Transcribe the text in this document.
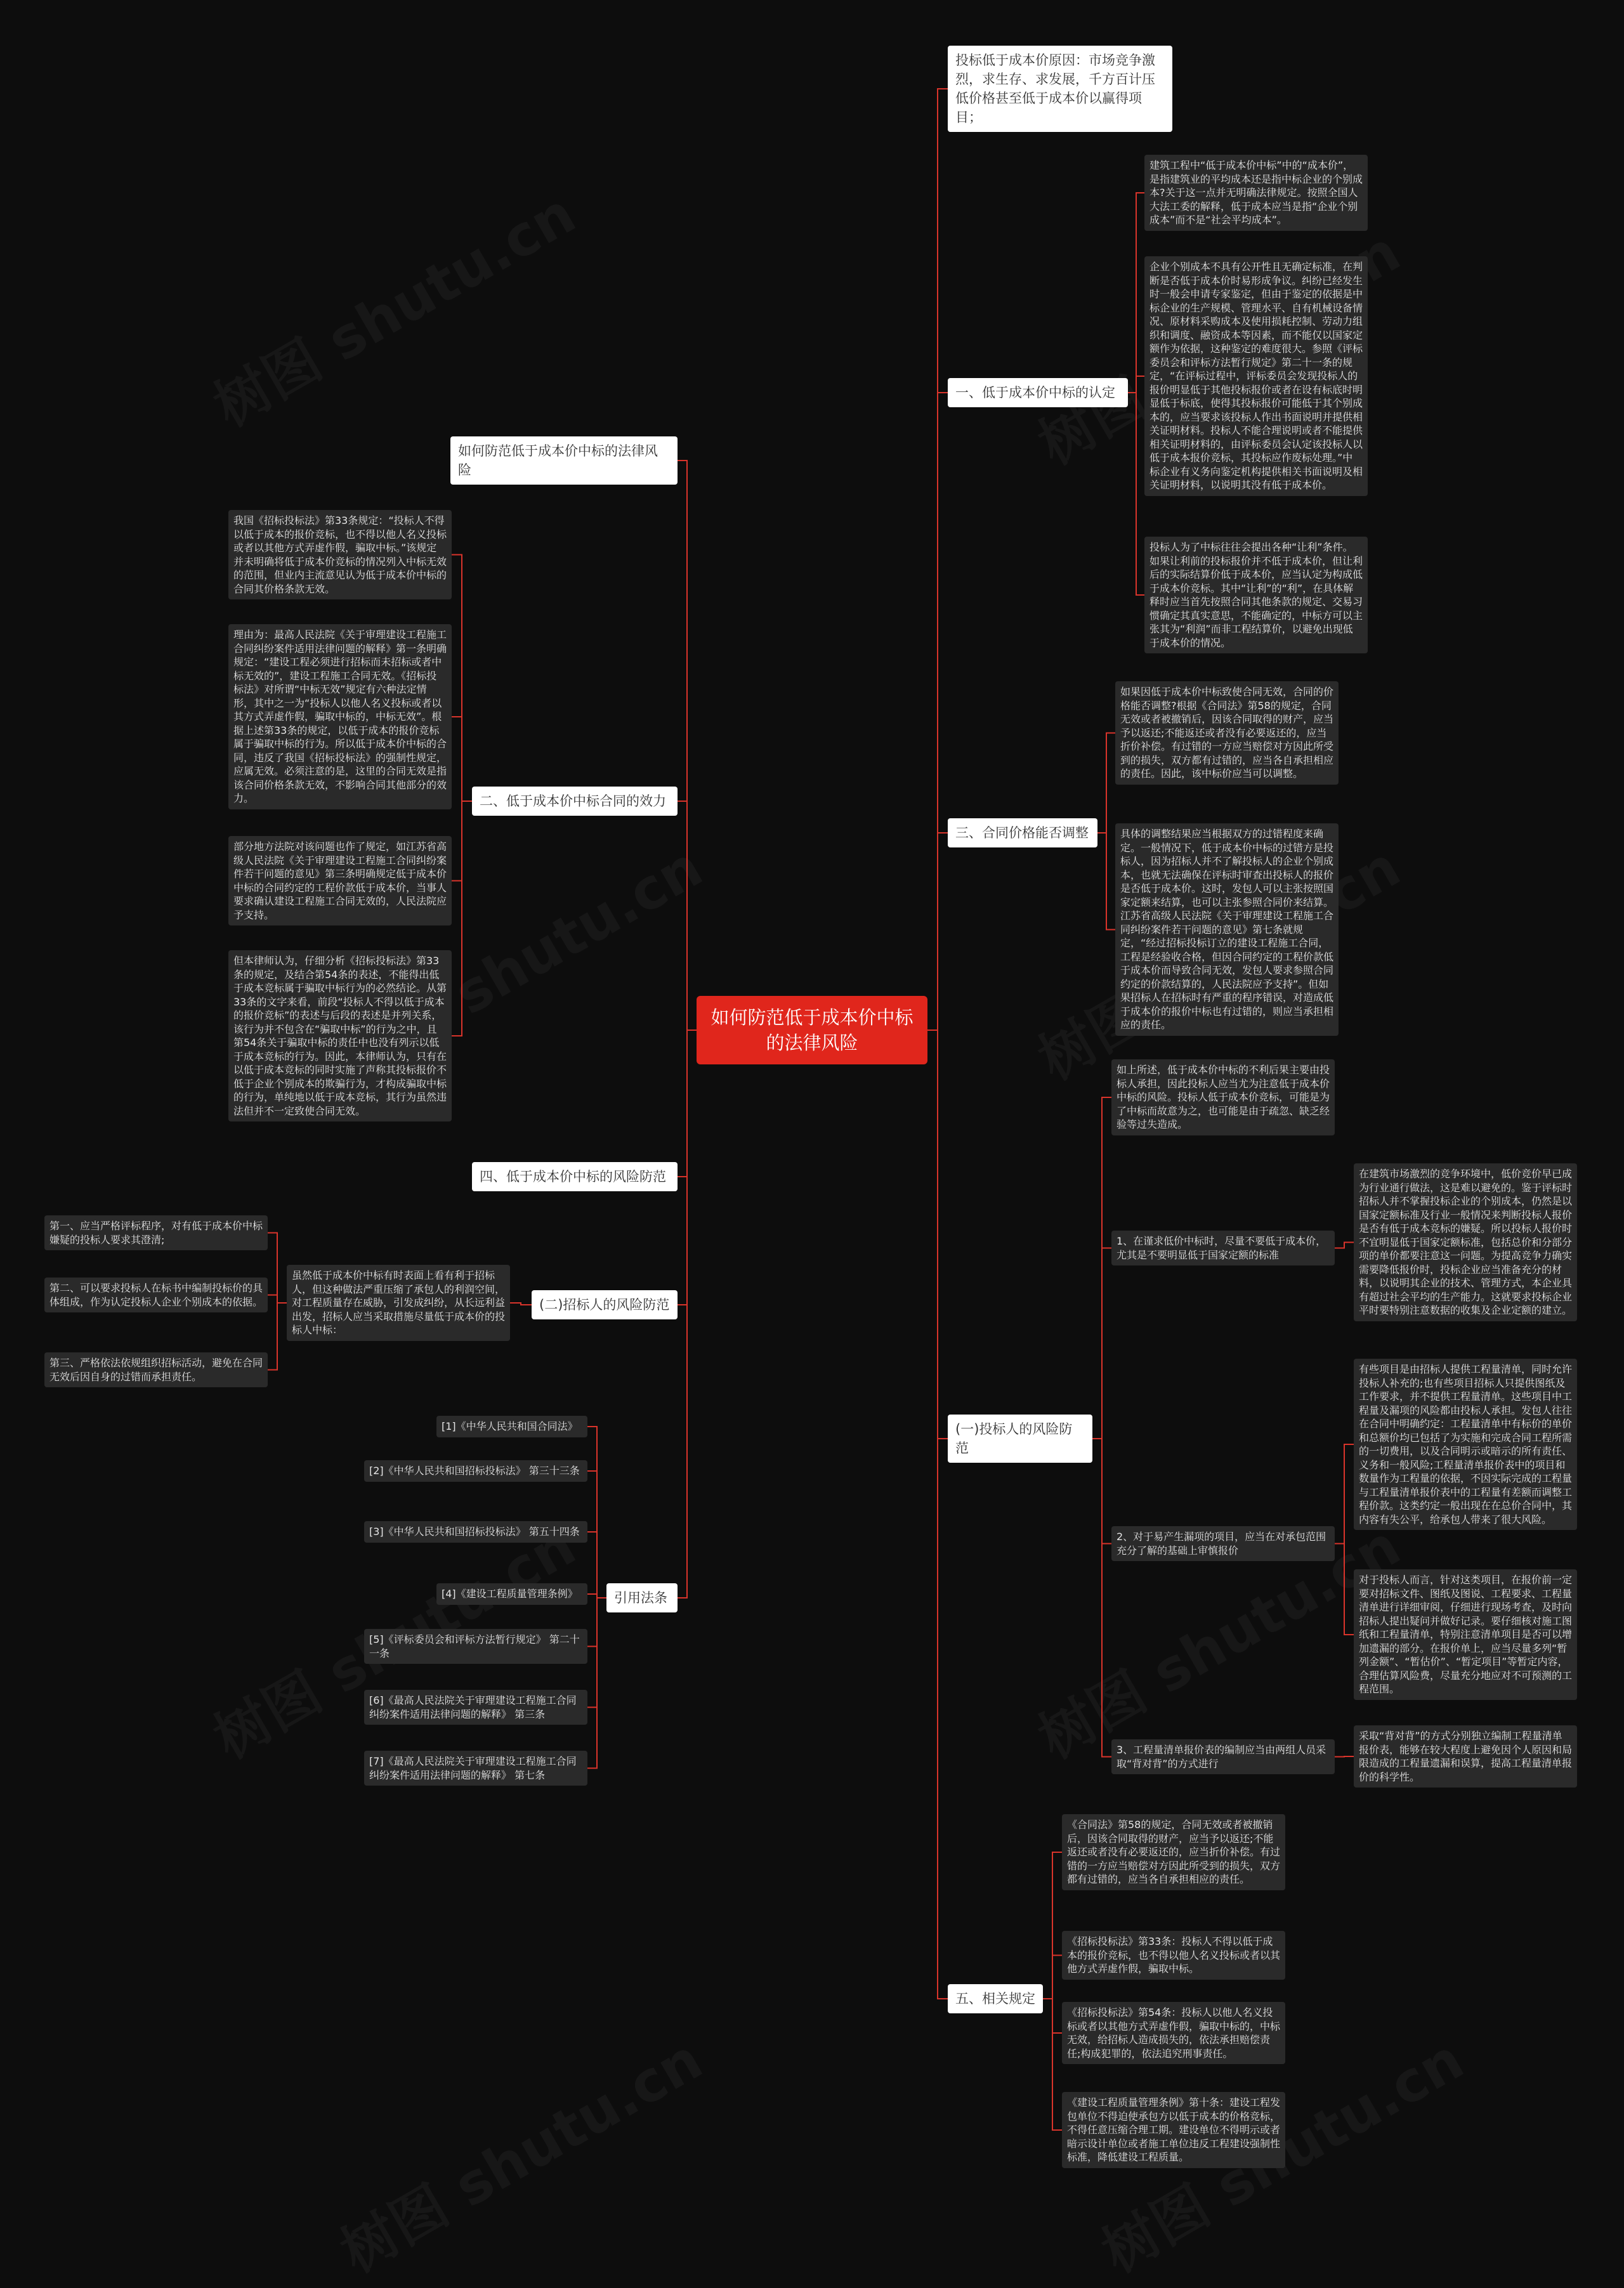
如何防范低于成本价中标的法律风险
投标低于成本价原因：市场竞争激烈，求生存、求发展，千方百计压低价格甚至低于成本价以赢得项目；
一、低于成本价中标的认定
建筑工程中“低于成本价中标”中的“成本价”，是指建筑业的平均成本还是指中标企业的个别成本?关于这一点并无明确法律规定。按照全国人大法工委的解释，低于成本应当是指“企业个别成本”而不是“社会平均成本”。
企业个别成本不具有公开性且无确定标准，在判断是否低于成本价时易形成争议。纠纷已经发生时一般会申请专家鉴定，但由于鉴定的依据是中标企业的生产规模、管理水平、自有机械设备情况、原材料采购成本及使用损耗控制、劳动力组织和调度、融资成本等因素，而不能仅以国家定额作为依据，这种鉴定的难度很大。参照《评标委员会和评标方法暂行规定》第二十一条的规定，“在评标过程中，评标委员会发现投标人的报价明显低于其他投标报价或者在设有标底时明显低于标底，使得其投标报价可能低于其个别成本的，应当要求该投标人作出书面说明并提供相关证明材料。投标人不能合理说明或者不能提供相关证明材料的，由评标委员会认定该投标人以低于成本报价竞标，其投标应作废标处理。”中标企业有义务向鉴定机构提供相关书面说明及相关证明材料，以说明其没有低于成本价。
投标人为了中标往往会提出各种“让利”条件。如果让利前的投标报价并不低于成本价，但让利后的实际结算价低于成本价，应当认定为构成低于成本价竞标。其中“让利”的“利”，在具体解释时应当首先按照合同其他条款的规定、交易习惯确定其真实意思，不能确定的，中标方可以主张其为“利润”而非工程结算价，以避免出现低于成本价的情况。
三、合同价格能否调整
如果因低于成本价中标致使合同无效，合同的价格能否调整?根据《合同法》第58的规定，合同无效或者被撤销后，因该合同取得的财产，应当予以返还;不能返还或者没有必要返还的，应当折价补偿。有过错的一方应当赔偿对方因此所受到的损失，双方都有过错的，应当各自承担相应的责任。因此，该中标价应当可以调整。
具体的调整结果应当根据双方的过错程度来确定。一般情况下，低于成本价中标的过错方是投标人，因为招标人并不了解投标人的企业个别成本，也就无法确保在评标时审查出投标人的报价是否低于成本价。这时，发包人可以主张按照国家定额来结算，也可以主张参照合同价来结算。江苏省高级人民法院《关于审理建设工程施工合同纠纷案件若干问题的意见》第七条就规定，“经过招标投标订立的建设工程施工合同，工程是经验收合格，但因合同约定的工程价款低于成本价而导致合同无效，发包人要求参照合同约定的价款结算的，人民法院应予支持”。但如果招标人在招标时有严重的程序错误，对造成低于成本价的报价中标也有过错的，则应当承担相应的责任。
(一)投标人的风险防范
如上所述，低于成本价中标的不利后果主要由投标人承担，因此投标人应当尤为注意低于成本价中标的风险。投标人低于成本价竞标，可能是为了中标而故意为之，也可能是由于疏忽、缺乏经验等过失造成。
1、在谨求低价中标时，尽量不要低于成本价，尤其是不要明显低于国家定额的标准
在建筑市场激烈的竞争环境中，低价竞价早已成为行业通行做法，这是难以避免的。鉴于评标时招标人并不掌握投标企业的个别成本，仍然是以国家定额标准及行业一般情况来判断投标人报价是否有低于成本竞标的嫌疑。所以投标人报价时不宜明显低于国家定额标准，包括总价和分部分项的单价都要注意这一问题。为提高竞争力确实需要降低报价时，投标企业应当准备充分的材料，以说明其企业的技术、管理方式，本企业具有超过社会平均的生产能力。这就要求投标企业平时要特别注意数据的收集及企业定额的建立。
2、对于易产生漏项的项目，应当在对承包范围充分了解的基础上审慎报价
有些项目是由招标人提供工程量清单，同时允许投标人补充的;也有些项目招标人只提供图纸及工作要求，并不提供工程量清单。这些项目中工程量及漏项的风险都由投标人承担。发包人往往在合同中明确约定：工程量清单中有标价的单价和总额价均已包括了为实施和完成合同工程所需的一切费用，以及合同明示或暗示的所有责任、义务和一般风险;工程量清单报价表中的项目和数量作为工程量的依据，不因实际完成的工程量与工程量清单报价表中的工程量有差额而调整工程价款。这类约定一般出现在在总价合同中，其内容有失公平，给承包人带来了很大风险。
对于投标人而言，针对这类项目，在报价前一定要对招标文件、图纸及图说、工程要求、工程量清单进行详细审阅，仔细进行现场考查，及时向招标人提出疑问并做好记录。要仔细核对施工图纸和工程量清单，特别注意清单项目是否可以增加遗漏的部分。在报价单上，应当尽量多列“暂列金额”、“暂估价”、“暂定项目”等暂定内容，合理估算风险费，尽量充分地应对不可预测的工程范围。
3、工程量清单报价表的编制应当由两组人员采取“背对背”的方式进行
采取“背对背”的方式分别独立编制工程量清单报价表，能够在较大程度上避免因个人原因和局限造成的工程量遗漏和误算，提高工程量清单报价的科学性。
五、相关规定
《合同法》第58的规定，合同无效或者被撤销后，因该合同取得的财产，应当予以返还;不能返还或者没有必要返还的，应当折价补偿。有过错的一方应当赔偿对方因此所受到的损失，双方都有过错的，应当各自承担相应的责任。
《招标投标法》第33条：投标人不得以低于成本的报价竞标，也不得以他人名义投标或者以其他方式弄虚作假，骗取中标。
《招标投标法》第54条：投标人以他人名义投标或者以其他方式弄虚作假，骗取中标的，中标无效，给招标人造成损失的，依法承担赔偿责任;构成犯罪的，依法追究刑事责任。
《建设工程质量管理条例》第十条：建设工程发包单位不得迫使承包方以低于成本的价格竞标，不得任意压缩合理工期。建设单位不得明示或者暗示设计单位或者施工单位违反工程建设强制性标准，降低建设工程质量。
如何防范低于成本价中标的法律风险
二、低于成本价中标合同的效力
我国《招标投标法》第33条规定：“投标人不得以低于成本的报价竞标，也不得以他人名义投标或者以其他方式弄虚作假，骗取中标。”该规定并未明确将低于成本价竞标的情况列入中标无效的范围，但业内主流意见认为低于成本价中标的合同其价格条款无效。
理由为：最高人民法院《关于审理建设工程施工合同纠纷案件适用法律问题的解释》第一条明确规定：“建设工程必须进行招标而未招标或者中标无效的”，建设工程施工合同无效。《招标投标法》对所谓“中标无效”规定有六种法定情形，其中之一为“投标人以他人名义投标或者以其方式弄虚作假，骗取中标的，中标无效”。根据上述第33条的规定，以低于成本的报价竞标属于骗取中标的行为。所以低于成本价中标的合同，违反了我国《招标投标法》的强制性规定，应属无效。必须注意的是，这里的合同无效是指该合同价格条款无效，不影响合同其他部分的效力。
部分地方法院对该问题也作了规定，如江苏省高级人民法院《关于审理建设工程施工合同纠纷案件若干问题的意见》第三条明确规定低于成本价中标的合同约定的工程价款低于成本价，当事人要求确认建设工程施工合同无效的，人民法院应予支持。
但本律师认为，仔细分析《招标投标法》第33条的规定，及结合第54条的表述，不能得出低于成本竞标属于骗取中标行为的必然结论。从第33条的文字来看，前段“投标人不得以低于成本的报价竞标”的表述与后段的表述是并列关系，该行为并不包含在“骗取中标”的行为之中，且第54条关于骗取中标的责任中也没有列示以低于成本竞标的行为。因此，本律师认为，只有在以低于成本竞标的同时实施了声称其投标报价不低于企业个别成本的欺骗行为，才构成骗取中标的行为，单纯地以低于成本竞标，其行为虽然违法但并不一定致使合同无效。
四、低于成本价中标的风险防范
(二)招标人的风险防范
虽然低于成本价中标有时表面上看有利于招标人，但这种做法严重压缩了承包人的利润空间，对工程质量存在威胁，引发成纠纷，从长远利益出发，招标人应当采取措施尽量低于成本价的投标人中标：
第一、应当严格评标程序，对有低于成本价中标嫌疑的投标人要求其澄清;
第二、可以要求投标人在标书中编制投标价的具体组成，作为认定投标人企业个别成本的依据。
第三、严格依法依规组织招标活动，避免在合同无效后因自身的过错而承担责任。
引用法条
[1]《中华人民共和国合同法》
[2]《中华人民共和国招标投标法》 第三十三条
[3]《中华人民共和国招标投标法》 第五十四条
[4]《建设工程质量管理条例》
[5]《评标委员会和评标方法暂行规定》 第二十一条
[6]《最高人民法院关于审理建设工程施工合同纠纷案件适用法律问题的解释》 第三条
[7]《最高人民法院关于审理建设工程施工合同纠纷案件适用法律问题的解释》 第七条
